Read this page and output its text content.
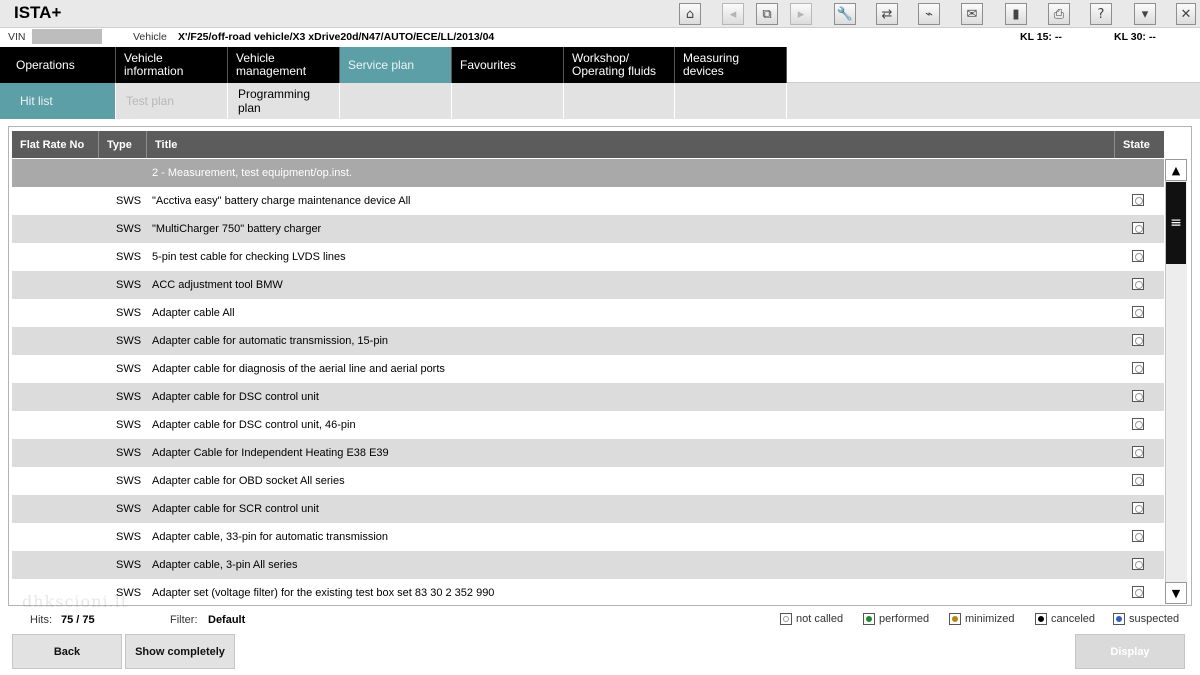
ISTA+	⌂	◂	⧉	▸	🔧	⇄	⌁	✉	▮	⎙	?	▾	✕
VIN	Vehicle X'/F25/off-road vehicle/X3 xDrive20d/N47/AUTO/ECE/LL/2013/04	KL 15: --	KL 30: --
Operations	Vehicle information
Vehicle management	Service plan	Favourites	Workshop/ Operating fluids
Measuring devices
Hit list	Test plan	Programming plan
Flat Rate No	Type	Title	State
2 - Measurement, test equipment/op.inst.
SWS "Acctiva easy" battery charge maintenance device All
SWS "MultiCharger 750" battery charger
SWS 5-pin test cable for checking LVDS lines
SWS ACC adjustment tool BMW
SWS Adapter cable All
SWS Adapter cable for automatic transmission, 15-pin
SWS Adapter cable for diagnosis of the aerial line and aerial ports
SWS Adapter cable for DSC control unit
SWS Adapter cable for DSC control unit, 46-pin
SWS Adapter Cable for Independent Heating E38 E39
SWS Adapter cable for OBD socket All series
SWS Adapter cable for SCR control unit
SWS Adapter cable, 33-pin for automatic transmission
SWS Adapter cable, 3-pin All series
SWS Adapter set (voltage filter) for the existing test box set 83 30 2 352 990
▲
≡
▼
dhkscioni.lt
Hits: 75 / 75	Filter: Default	not called	performed	minimized	canceled	suspected
Back	Show completely	Display
